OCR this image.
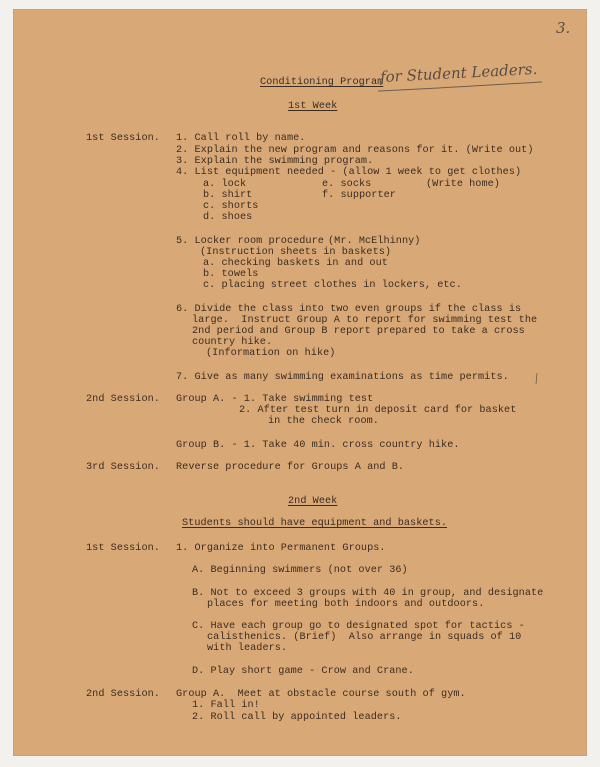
3.
Conditioning Program
for Student Leaders.
1st Week
1st Session. 1. Call roll by name.
2. Explain the new program and reasons for it. (Write out)
3. Explain the swimming program.
4. List equipment needed - (allow 1 week to get clothes)
a. lock	e. socks	(Write home)
b. shirt	f. supporter
c. shorts
d. shoes
5. Locker room procedure (Mr. McElhinny)
(Instruction sheets in baskets)
a. checking baskets in and out
b. towels
c. placing street clothes in lockers, etc.
6. Divide the class into two even groups if the class is
large.  Instruct Group A to report for swimming test the
2nd period and Group B report prepared to take a cross
country hike.
(Information on hike)
7. Give as many swimming examinations as time permits.
2nd Session. Group A. - 1. Take swimming test
2. After test turn in deposit card for basket
in the check room.
Group B. - 1. Take 40 min. cross country hike.
3rd Session. Reverse procedure for Groups A and B.
2nd Week
Students should have equipment and baskets.
1st Session. 1. Organize into Permanent Groups.
A. Beginning swimmers (not over 36)
B. Not to exceed 3 groups with 40 in group, and designate
places for meeting both indoors and outdoors.
C. Have each group go to designated spot for tactics -
calisthenics. (Brief)  Also arrange in squads of 10
with leaders.
D. Play short game - Crow and Crane.
2nd Session. Group A.  Meet at obstacle course south of gym.
1. Fall in!
2. Roll call by appointed leaders.
